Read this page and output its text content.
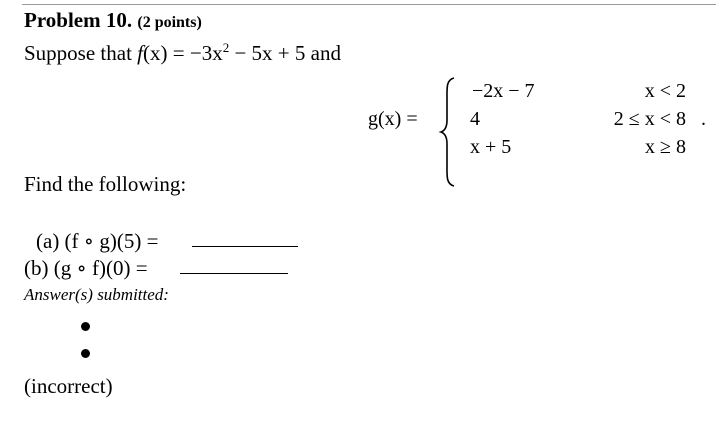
Problem 10. (2 points)
Suppose that $f(x) = -3x^2 - 5x + 5$ and
g(x) =
−2x − 7
4
x + 5
x < 2
2 ≤ x < 8
x ≥ 8
.
Find the following:
(a) (f ∘ g)(5) =
(b) (g ∘ f)(0) =
Answer(s) submitted:
(incorrect)
